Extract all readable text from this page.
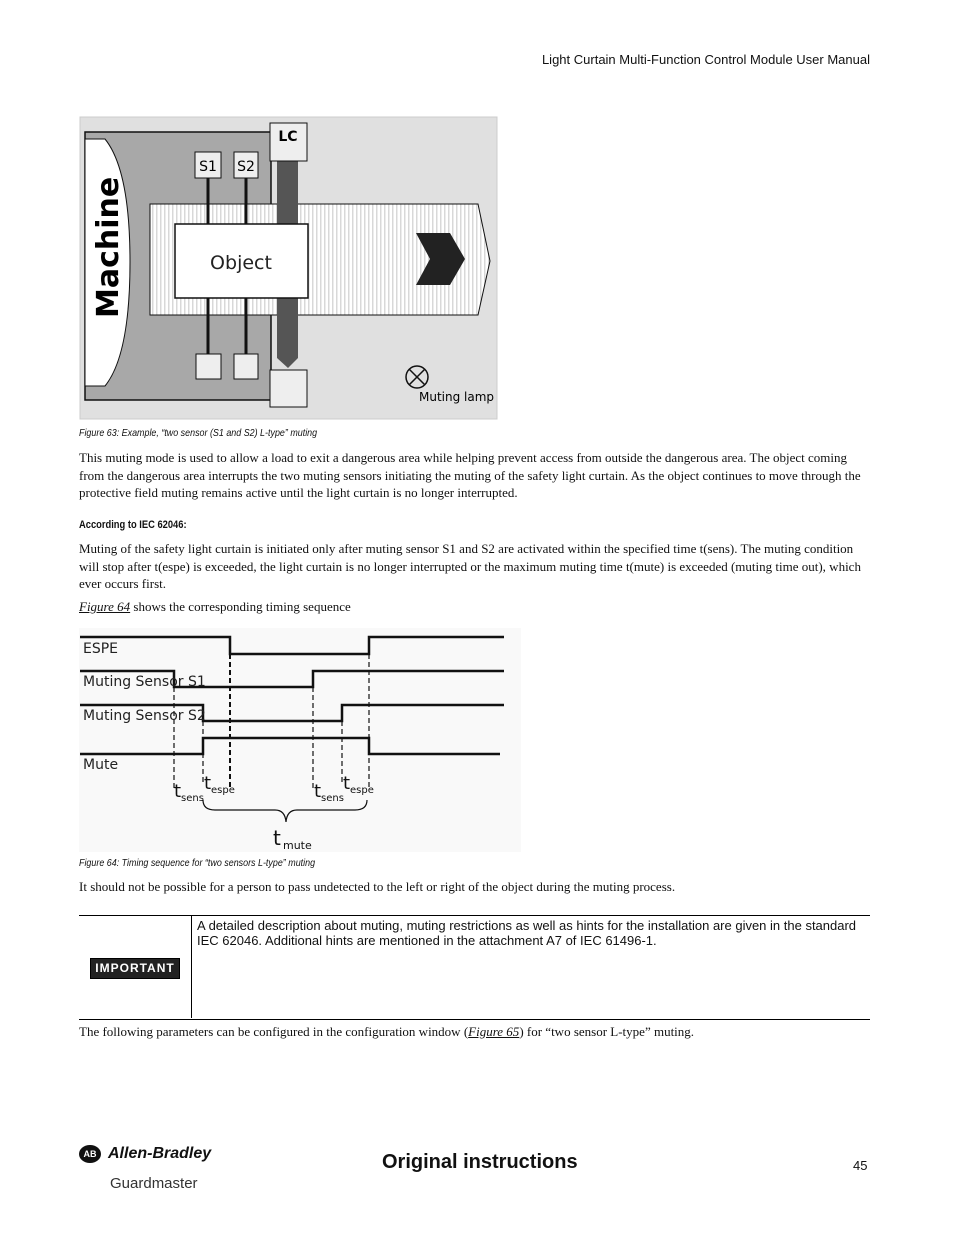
Light Curtain Multi-Function Control Module User Manual
Machine	Object
S1 S2
LC
Muting lamp
Figure 63: Example, “two sensor (S1 and S2) L-type” muting
This muting mode is used to allow a load to exit a dangerous area while helping prevent access from outside the dangerous area. The object coming from the dangerous area interrupts the two muting sensors initiating the muting of the safety light curtain. As the object continues to move through the protective field muting remains active until the light curtain is no longer interrupted.
According to IEC 62046:
Muting of the safety light curtain is initiated only after muting sensor S1 and S2 are activated within the specified time t(sens). The muting condition will stop after t(espe) is exceeded, the light curtain is no longer interrupted or the maximum muting time t(mute) is exceeded (muting time out), which ever occurs first.
Figure 64 shows the corresponding timing sequence
ESPE
Muting Sensor S1
Muting Sensor S2
Mute
t sens
t espe	t sens
t espe
t mute
Figure 64: Timing sequence for “two sensors L-type” muting
It should not be possible for a person to pass undetected to the left or right of the object during the muting process.
IMPORTANT
A detailed description about muting, muting restrictions as well as hints for the installation are given in the standard IEC 62046. Additional hints are mentioned in the attachment A7 of IEC 61496-1.
The following parameters can be configured in the configuration window (Figure 65) for “two sensor L-type” muting.
AB Allen-Bradley
Guardmaster
Original instructions	45
